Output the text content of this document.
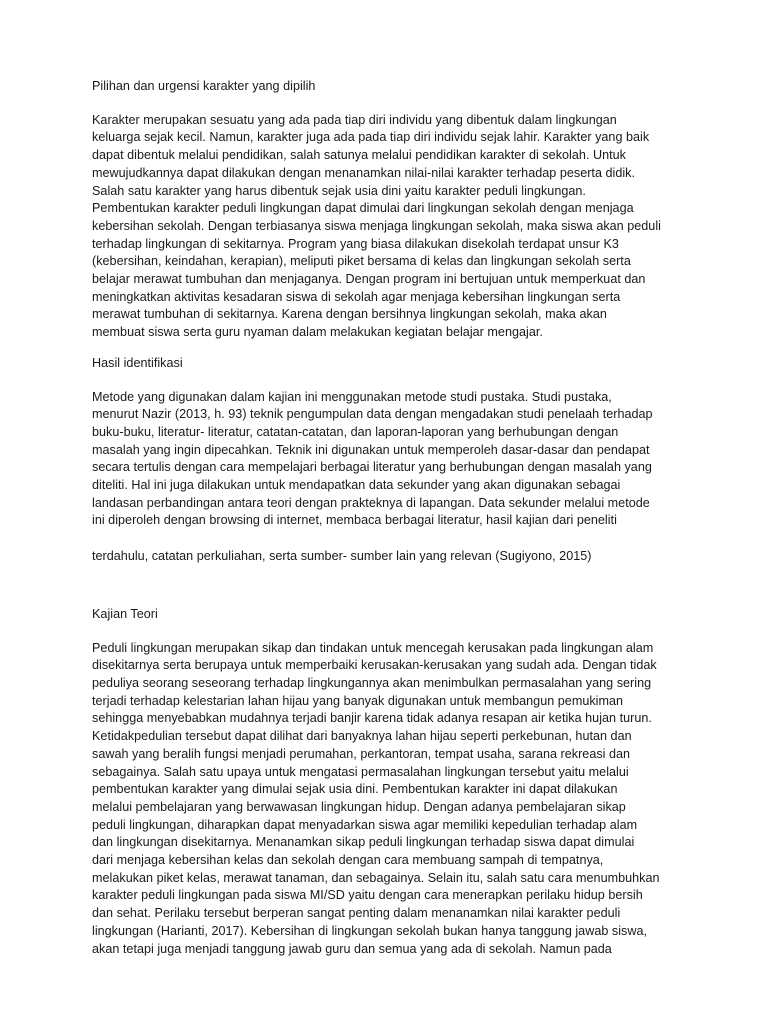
Pilihan dan urgensi karakter yang dipilih

Karakter merupakan sesuatu yang ada pada tiap diri individu yang dibentuk dalam lingkungan
keluarga sejak kecil. Namun, karakter juga ada pada tiap diri individu sejak lahir. Karakter yang baik
dapat dibentuk melalui pendidikan, salah satunya melalui pendidikan karakter di sekolah. Untuk
mewujudkannya dapat dilakukan dengan menanamkan nilai-nilai karakter terhadap peserta didik.
Salah satu karakter yang harus dibentuk sejak usia dini yaitu karakter peduli lingkungan.
Pembentukan karakter peduli lingkungan dapat dimulai dari lingkungan sekolah dengan menjaga
kebersihan sekolah. Dengan terbiasanya siswa menjaga lingkungan sekolah, maka siswa akan peduli
terhadap lingkungan di sekitarnya. Program yang biasa dilakukan disekolah terdapat unsur K3
(kebersihan, keindahan, kerapian), meliputi piket bersama di kelas dan lingkungan sekolah serta
belajar merawat tumbuhan dan menjaganya. Dengan program ini bertujuan untuk memperkuat dan
meningkatkan aktivitas kesadaran siswa di sekolah agar menjaga kebersihan lingkungan serta
merawat tumbuhan di sekitarnya. Karena dengan bersihnya lingkungan sekolah, maka akan
membuat siswa serta guru nyaman dalam melakukan kegiatan belajar mengajar.

Hasil identifikasi

Metode yang digunakan dalam kajian ini menggunakan metode studi pustaka. Studi pustaka,
menurut Nazir (2013, h. 93) teknik pengumpulan data dengan mengadakan studi penelaah terhadap
buku-buku, literatur- literatur, catatan-catatan, dan laporan-laporan yang berhubungan dengan
masalah yang ingin dipecahkan. Teknik ini digunakan untuk memperoleh dasar-dasar dan pendapat
secara tertulis dengan cara mempelajari berbagai literatur yang berhubungan dengan masalah yang
diteliti. Hal ini juga dilakukan untuk mendapatkan data sekunder yang akan digunakan sebagai
landasan perbandingan antara teori dengan prakteknya di lapangan. Data sekunder melalui metode
ini diperoleh dengan browsing di internet, membaca berbagai literatur, hasil kajian dari peneliti

terdahulu, catatan perkuliahan, serta sumber- sumber lain yang relevan (Sugiyono, 2015)

Kajian Teori

Peduli lingkungan merupakan sikap dan tindakan untuk mencegah kerusakan pada lingkungan alam
disekitarnya serta berupaya untuk memperbaiki kerusakan-kerusakan yang sudah ada. Dengan tidak
peduliya seorang seseorang terhadap lingkungannya akan menimbulkan permasalahan yang sering
terjadi terhadap kelestarian lahan hijau yang banyak digunakan untuk membangun pemukiman
sehingga menyebabkan mudahnya terjadi banjir karena tidak adanya resapan air ketika hujan turun.
Ketidakpedulian tersebut dapat dilihat dari banyaknya lahan hijau seperti perkebunan, hutan dan
sawah yang beralih fungsi menjadi perumahan, perkantoran, tempat usaha, sarana rekreasi dan
sebagainya. Salah satu upaya untuk mengatasi permasalahan lingkungan tersebut yaitu melalui
pembentukan karakter yang dimulai sejak usia dini. Pembentukan karakter ini dapat dilakukan
melalui pembelajaran yang berwawasan lingkungan hidup. Dengan adanya pembelajaran sikap
peduli lingkungan, diharapkan dapat menyadarkan siswa agar memiliki kepedulian terhadap alam
dan lingkungan disekitarnya. Menanamkan sikap peduli lingkungan terhadap siswa dapat dimulai
dari menjaga kebersihan kelas dan sekolah dengan cara membuang sampah di tempatnya,
melakukan piket kelas, merawat tanaman, dan sebagainya. Selain itu, salah satu cara menumbuhkan
karakter peduli lingkungan pada siswa MI/SD yaitu dengan cara menerapkan perilaku hidup bersih
dan sehat. Perilaku tersebut berperan sangat penting dalam menanamkan nilai karakter peduli
lingkungan (Harianti, 2017). Kebersihan di lingkungan sekolah bukan hanya tanggung jawab siswa,
akan tetapi juga menjadi tanggung jawab guru dan semua yang ada di sekolah. Namun pada
